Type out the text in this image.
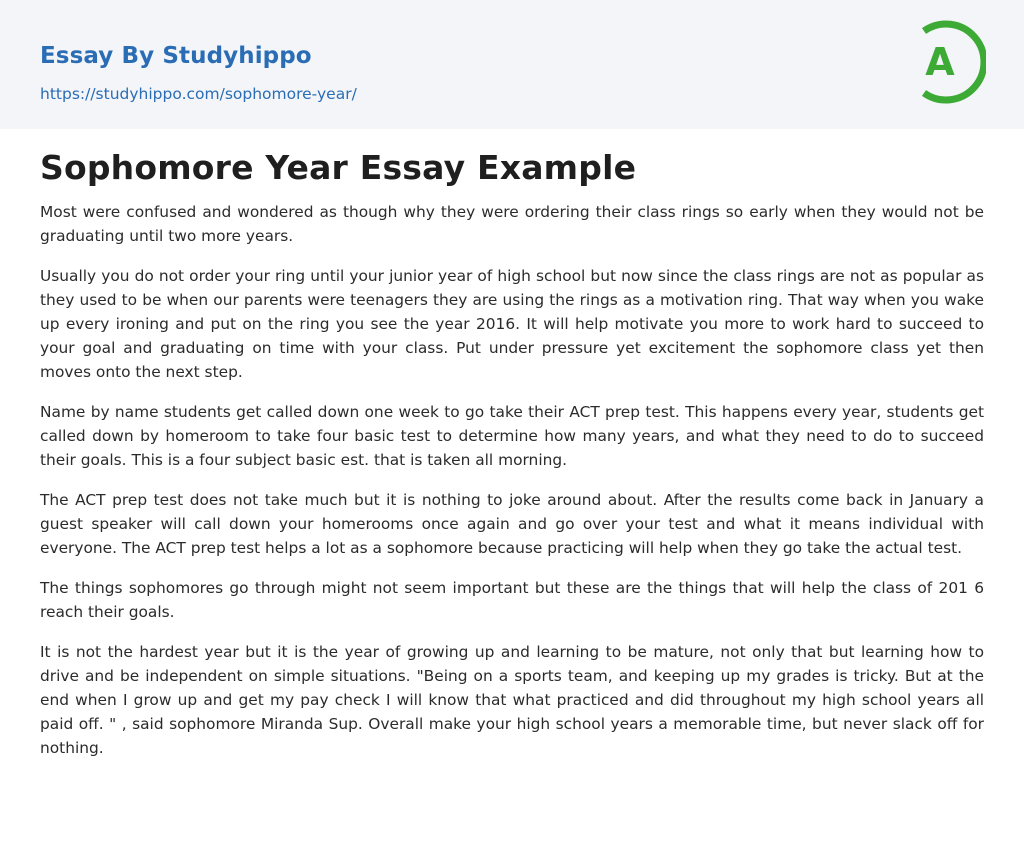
Essay By Studyhippo
https://studyhippo.com/sophomore-year/
A
Sophomore Year Essay Example

Most were confused and wondered as though why they were ordering their class rings so early when they would not be graduating until two more years.

Usually you do not order your ring until your junior year of high school but now since the class rings are not as popular as they used to be when our parents were teenagers they are using the rings as a motivation ring. That way when you wake up every ironing and put on the ring you see the year 2016. It will help motivate you more to work hard to succeed to your goal and graduating on time with your class. Put under pressure yet excitement the sophomore class yet then moves onto the next step.

Name by name students get called down one week to go take their ACT prep test. This happens every year, students get called down by homeroom to take four basic test to determine how many years, and what they need to do to succeed their goals. This is a four subject basic est. that is taken all morning.

The ACT prep test does not take much but it is nothing to joke around about. After the results come back in January a guest speaker will call down your homerooms once again and go over your test and what it means individual with everyone. The ACT prep test helps a lot as a sophomore because practicing will help when they go take the actual test.

The things sophomores go through might not seem important but these are the things that will help the class of 201 6 reach their goals.

It is not the hardest year but it is the year of growing up and learning to be mature, not only that but learning how to drive and be independent on simple situations. "Being on a sports team, and keeping up my grades is tricky. But at the end when I grow up and get my pay check I will know that what practiced and did throughout my high school years all paid off. " , said sophomore Miranda Sup. Overall make your high school years a memorable time, but never slack off for nothing.
